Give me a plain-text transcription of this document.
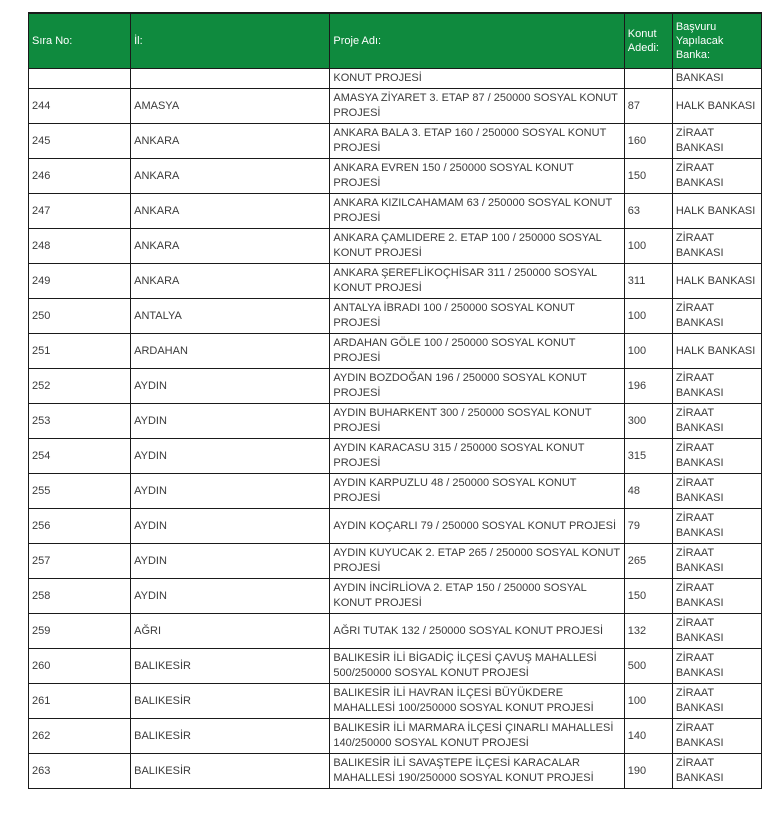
Sıra No:	İl:	Proje Adı:	Konut Adedi:	Başvuru Yapılacak Banka:
		KONUT PROJESİ		BANKASI
244	AMASYA	AMASYA ZİYARET 3. ETAP 87 / 250000 SOSYAL KONUT PROJESİ	87	HALK BANKASI
245	ANKARA	ANKARA BALA 3. ETAP 160 / 250000 SOSYAL KONUT PROJESİ	160	ZİRAAT BANKASI
246	ANKARA	ANKARA EVREN 150 / 250000 SOSYAL KONUT PROJESİ	150	ZİRAAT BANKASI
247	ANKARA	ANKARA KIZILCAHAMAM 63 / 250000 SOSYAL KONUT PROJESİ	63	HALK BANKASI
248	ANKARA	ANKARA ÇAMLIDERE 2. ETAP 100 / 250000 SOSYAL KONUT PROJESİ	100	ZİRAAT BANKASI
249	ANKARA	ANKARA ŞEREFLİKOÇHİSAR 311 / 250000 SOSYAL KONUT PROJESİ	311	HALK BANKASI
250	ANTALYA	ANTALYA İBRADI 100 / 250000 SOSYAL KONUT PROJESİ	100	ZİRAAT BANKASI
251	ARDAHAN	ARDAHAN GÖLE 100 / 250000 SOSYAL KONUT PROJESİ	100	HALK BANKASI
252	AYDIN	AYDIN BOZDOĞAN 196 / 250000 SOSYAL KONUT PROJESİ	196	ZİRAAT BANKASI
253	AYDIN	AYDIN BUHARKENT 300 / 250000 SOSYAL KONUT PROJESİ	300	ZİRAAT BANKASI
254	AYDIN	AYDIN KARACASU 315 / 250000 SOSYAL KONUT PROJESİ	315	ZİRAAT BANKASI
255	AYDIN	AYDIN KARPUZLU 48 / 250000 SOSYAL KONUT PROJESİ	48	ZİRAAT BANKASI
256	AYDIN	AYDIN KOÇARLI 79 / 250000 SOSYAL KONUT PROJESİ	79	ZİRAAT BANKASI
257	AYDIN	AYDIN KUYUCAK 2. ETAP 265 / 250000 SOSYAL KONUT PROJESİ	265	ZİRAAT BANKASI
258	AYDIN	AYDIN İNCİRLİOVA 2. ETAP 150 / 250000 SOSYAL KONUT PROJESİ	150	ZİRAAT BANKASI
259	AĞRI	AĞRI TUTAK 132 / 250000 SOSYAL KONUT PROJESİ	132	ZİRAAT BANKASI
260	BALIKESİR	BALIKESİR İLİ BİGADİÇ İLÇESİ ÇAVUŞ MAHALLESİ 500/250000 SOSYAL KONUT PROJESİ	500	ZİRAAT BANKASI
261	BALIKESİR	BALIKESİR İLİ HAVRAN İLÇESİ BÜYÜKDERE MAHALLESİ 100/250000 SOSYAL KONUT PROJESİ	100	ZİRAAT BANKASI
262	BALIKESİR	BALIKESİR İLİ MARMARA İLÇESİ ÇINARLI MAHALLESİ 140/250000 SOSYAL KONUT PROJESİ	140	ZİRAAT BANKASI
263	BALIKESİR	BALIKESİR İLİ SAVAŞTEPE İLÇESİ KARACALAR MAHALLESİ 190/250000 SOSYAL KONUT PROJESİ	190	ZİRAAT BANKASI
